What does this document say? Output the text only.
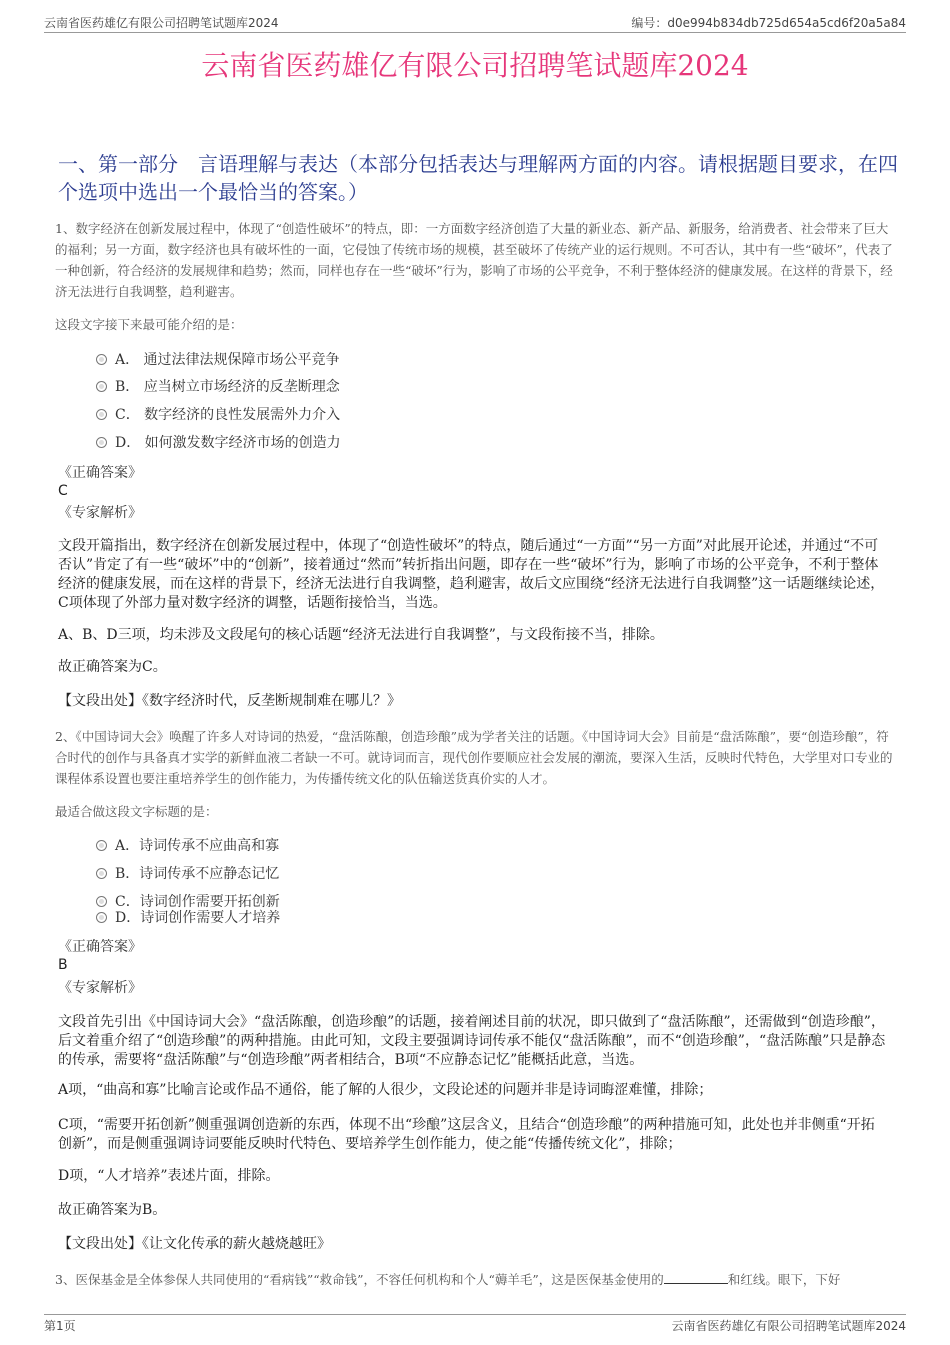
云南省医药雄亿有限公司招聘笔试题库2024	编号：d0e994b834db725d654a5cd6f20a5a84
云南省医药雄亿有限公司招聘笔试题库2024
一、第一部分　言语理解与表达（本部分包括表达与理解两方面的内容。请根据题目要求，在四个选项中选出一个最恰当的答案。）
1、数字经济在创新发展过程中，体现了“创造性破坏”的特点，即：一方面数字经济创造了大量的新业态、新产品、新服务，给消费者、社会带来了巨大的福利；另一方面，数字经济也具有破坏性的一面，它侵蚀了传统市场的规模，甚至破坏了传统产业的运行规则。不可否认，其中有一些“破坏”，代表了一种创新，符合经济的发展规律和趋势；然而，同样也存在一些“破坏”行为，影响了市场的公平竞争，不利于整体经济的健康发展。在这样的背景下，经济无法进行自我调整，趋利避害。
这段文字接下来最可能介绍的是：
A． 通过法律法规保障市场公平竞争
B． 应当树立市场经济的反垄断理念
C． 数字经济的良性发展需外力介入
D． 如何激发数字经济市场的创造力
《正确答案》
C
《专家解析》
文段开篇指出，数字经济在创新发展过程中，体现了“创造性破坏”的特点，随后通过“一方面”“另一方面”对此展开论述，并通过“不可否认”肯定了有一些“破坏”中的“创新”，接着通过“然而”转折指出问题，即存在一些“破坏”行为，影响了市场的公平竞争，不利于整体经济的健康发展，而在这样的背景下，经济无法进行自我调整，趋利避害，故后文应围绕“经济无法进行自我调整”这一话题继续论述，C项体现了外部力量对数字经济的调整，话题衔接恰当，当选。
A、B、D三项，均未涉及文段尾句的核心话题“经济无法进行自我调整”，与文段衔接不当，排除。
故正确答案为C。
【文段出处】《数字经济时代，反垄断规制难在哪儿？》
2、《中国诗词大会》唤醒了许多人对诗词的热爱，“盘活陈酿，创造珍酿”成为学者关注的话题。《中国诗词大会》目前是“盘活陈酿”，要“创造珍酿”，符合时代的创作与具备真才实学的新鲜血液二者缺一不可。就诗词而言，现代创作要顺应社会发展的潮流，要深入生活，反映时代特色，大学里对口专业的课程体系设置也要注重培养学生的创作能力，为传播传统文化的队伍输送货真价实的人才。
最适合做这段文字标题的是：
A．诗词传承不应曲高和寡
B．诗词传承不应静态记忆
C．诗词创作需要开拓创新
D．诗词创作需要人才培养
《正确答案》
B
《专家解析》
文段首先引出《中国诗词大会》“盘活陈酿，创造珍酿”的话题，接着阐述目前的状况，即只做到了“盘活陈酿”，还需做到“创造珍酿”，后文着重介绍了“创造珍酿”的两种措施。由此可知，文段主要强调诗词传承不能仅“盘活陈酿”，而不“创造珍酿”，“盘活陈酿”只是静态的传承，需要将“盘活陈酿”与“创造珍酿”两者相结合，B项“不应静态记忆”能概括此意，当选。
A项，“曲高和寡”比喻言论或作品不通俗，能了解的人很少，文段论述的问题并非是诗词晦涩难懂，排除；
C项，“需要开拓创新”侧重强调创造新的东西，体现不出“珍酿”这层含义，且结合“创造珍酿”的两种措施可知，此处也并非侧重“开拓创新”，而是侧重强调诗词要能反映时代特色、要培养学生创作能力，使之能“传播传统文化”，排除；
D项，“人才培养”表述片面，排除。
故正确答案为B。
【文段出处】《让文化传承的薪火越烧越旺》
3、医保基金是全体参保人共同使用的“看病钱”“救命钱”，不容任何机构和个人“薅羊毛”，这是医保基金使用的	和红线。眼下，下好
第1页	云南省医药雄亿有限公司招聘笔试题库2024
